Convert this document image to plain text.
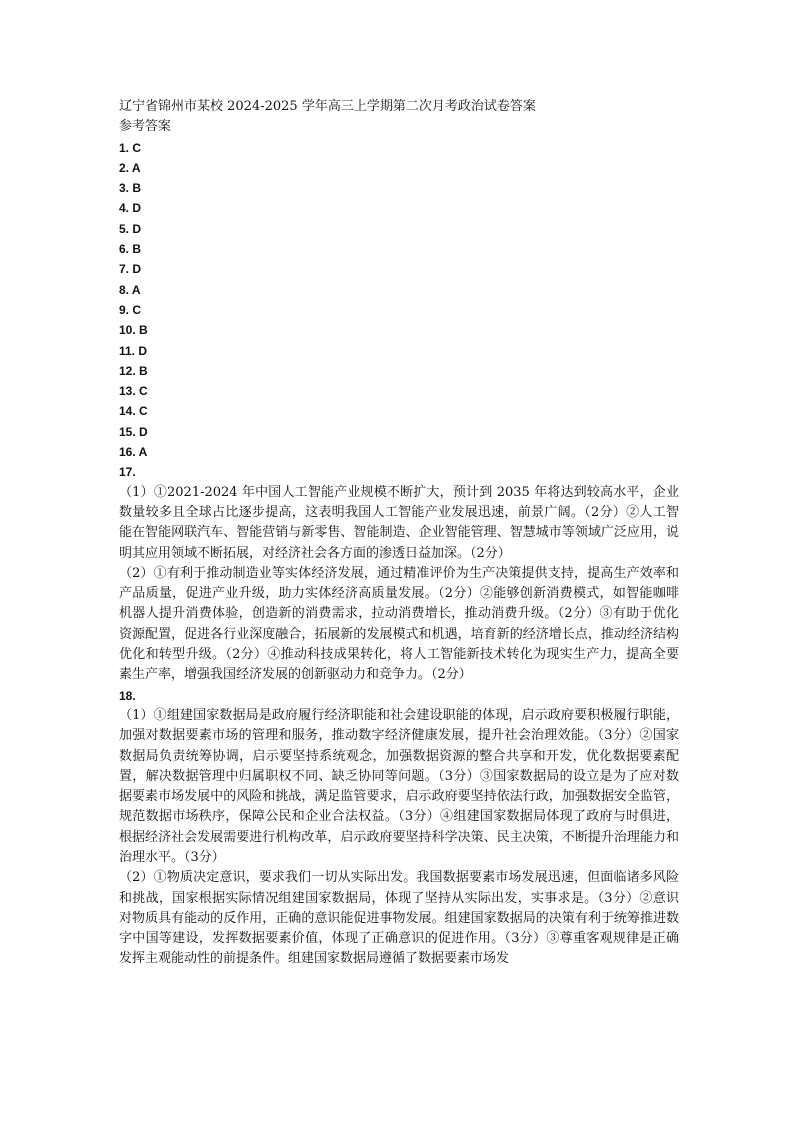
辽宁省锦州市某校 2024-2025 学年高三上学期第二次月考政治试卷答案
参考答案
1. C
2. A
3. B
4. D
5. D
6. B
7. D
8. A
9. C
10. B
11. D
12. B
13. C
14. C
15. D
16. A
17.

（1）①2021-2024 年中国人工智能产业规模不断扩大，预计到 2035 年将达到较高水平，企业数量较多且全球占比逐步提高，这表明我国人工智能产业发展迅速，前景广阔。（2分）②人工智能在智能网联汽车、智能营销与新零售、智能制造、企业智能管理、智慧城市等领域广泛应用，说明其应用领域不断拓展，对经济社会各方面的渗透日益加深。（2分）

（2）①有利于推动制造业等实体经济发展，通过精准评价为生产决策提供支持，提高生产效率和产品质量，促进产业升级，助力实体经济高质量发展。（2分）②能够创新消费模式，如智能咖啡机器人提升消费体验，创造新的消费需求，拉动消费增长，推动消费升级。（2分）③有助于优化资源配置，促进各行业深度融合，拓展新的发展模式和机遇，培育新的经济增长点，推动经济结构优化和转型升级。（2分）④推动科技成果转化，将人工智能新技术转化为现实生产力，提高全要素生产率，增强我国经济发展的创新驱动力和竞争力。（2分）

18.

（1）①组建国家数据局是政府履行经济职能和社会建设职能的体现，启示政府要积极履行职能，加强对数据要素市场的管理和服务，推动数字经济健康发展，提升社会治理效能。（3分）②国家数据局负责统筹协调，启示要坚持系统观念，加强数据资源的整合共享和开发，优化数据要素配置，解决数据管理中归属职权不同、缺乏协同等问题。（3分）③国家数据局的设立是为了应对数据要素市场发展中的风险和挑战，满足监管要求，启示政府要坚持依法行政，加强数据安全监管，规范数据市场秩序，保障公民和企业合法权益。（3分）④组建国家数据局体现了政府与时俱进，根据经济社会发展需要进行机构改革，启示政府要坚持科学决策、民主决策，不断提升治理能力和治理水平。（3分）

（2）①物质决定意识，要求我们一切从实际出发。我国数据要素市场发展迅速，但面临诸多风险和挑战，国家根据实际情况组建国家数据局，体现了坚持从实际出发，实事求是。（3分）②意识对物质具有能动的反作用，正确的意识能促进事物发展。组建国家数据局的决策有利于统筹推进数字中国等建设，发挥数据要素价值，体现了正确意识的促进作用。（3分）③尊重客观规律是正确发挥主观能动性的前提条件。组建国家数据局遵循了数据要素市场发
